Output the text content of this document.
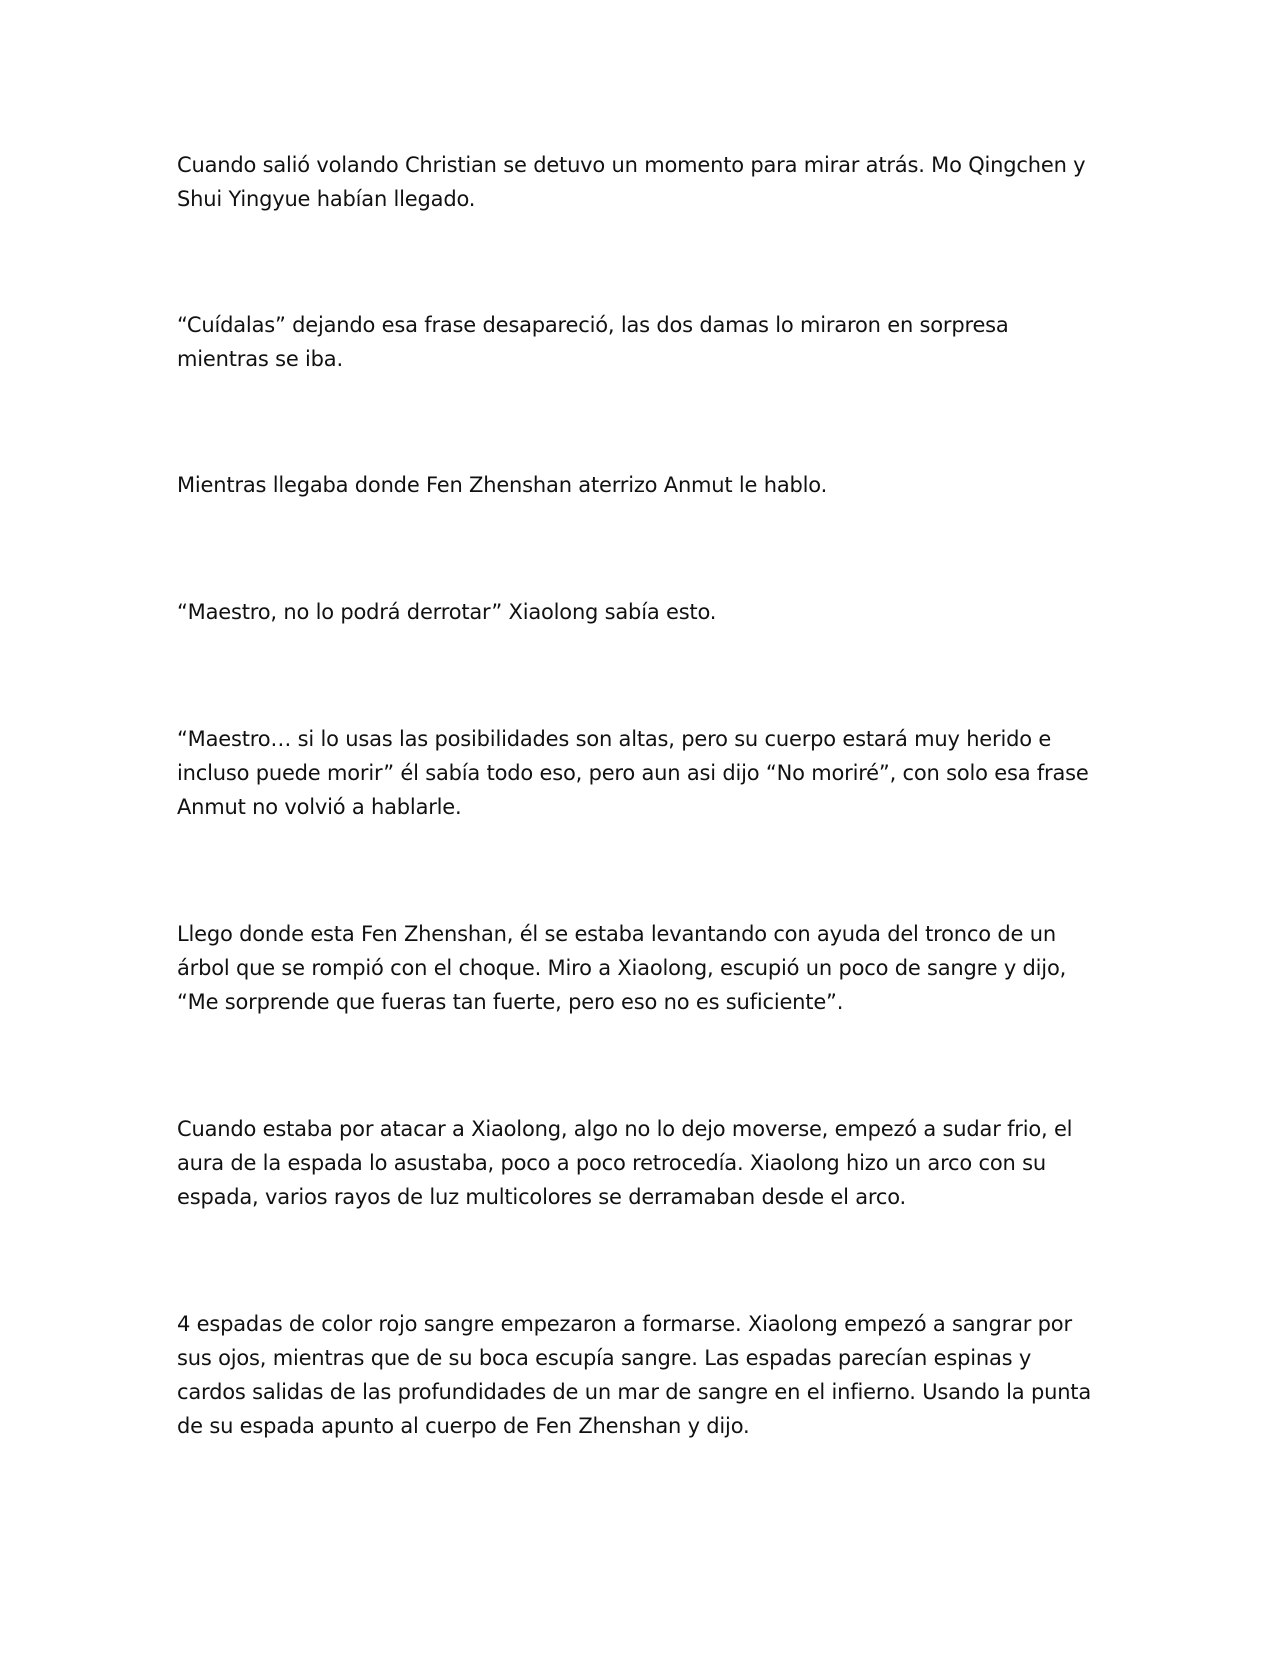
Cuando salió volando Christian se detuvo un momento para mirar atrás. Mo Qingchen y Shui Yingyue habían llegado.

“Cuídalas” dejando esa frase desapareció, las dos damas lo miraron en sorpresa mientras se iba.

Mientras llegaba donde Fen Zhenshan aterrizo Anmut le hablo.

“Maestro, no lo podrá derrotar” Xiaolong sabía esto.

“Maestro… si lo usas las posibilidades son altas, pero su cuerpo estará muy herido e incluso puede morir” él sabía todo eso, pero aun asi dijo “No moriré”, con solo esa frase Anmut no volvió a hablarle.

Llego donde esta Fen Zhenshan, él se estaba levantando con ayuda del tronco de un árbol que se rompió con el choque. Miro a Xiaolong, escupió un poco de sangre y dijo, “Me sorprende que fueras tan fuerte, pero eso no es suficiente”.

Cuando estaba por atacar a Xiaolong, algo no lo dejo moverse, empezó a sudar frio, el aura de la espada lo asustaba, poco a poco retrocedía. Xiaolong hizo un arco con su espada, varios rayos de luz multicolores se derramaban desde el arco.

4 espadas de color rojo sangre empezaron a formarse. Xiaolong empezó a sangrar por sus ojos, mientras que de su boca escupía sangre. Las espadas parecían espinas y cardos salidas de las profundidades de un mar de sangre en el infierno. Usando la punta de su espada apunto al cuerpo de Fen Zhenshan y dijo.
